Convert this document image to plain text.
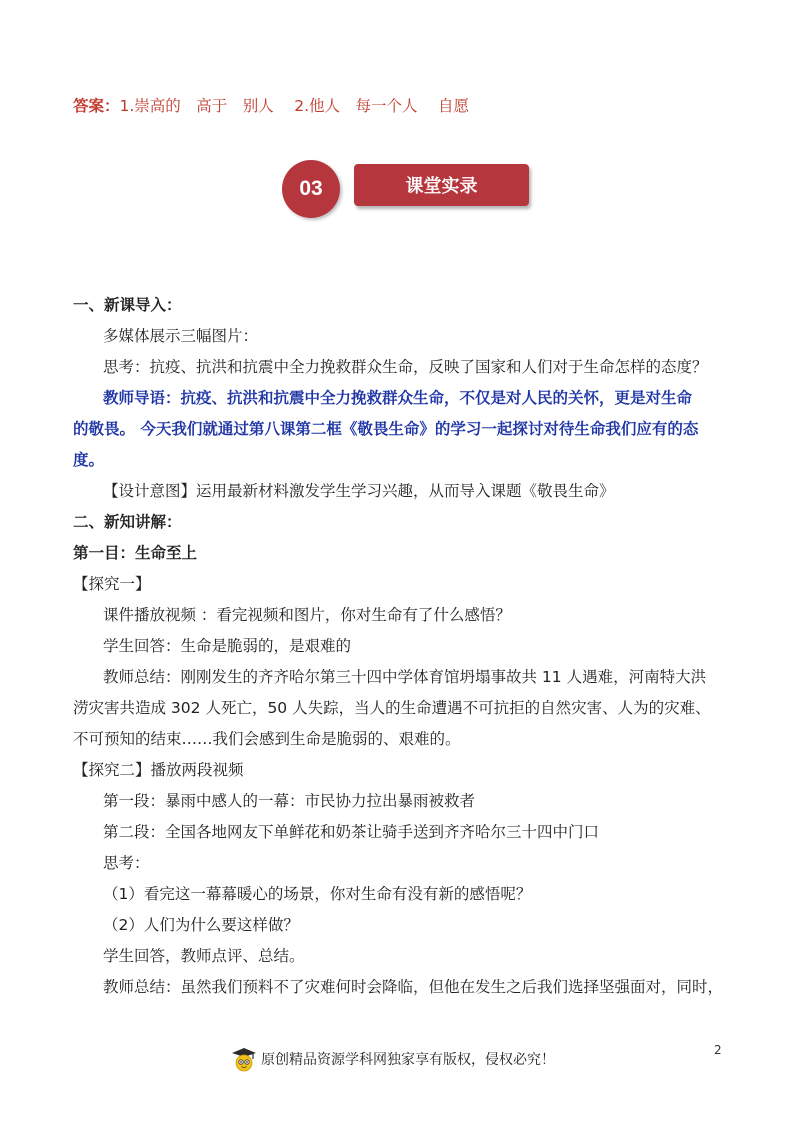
答案：1.崇高的　高于　别人　 2.他人　每一个人　 自愿
03	课堂实录
一、新课导入：
多媒体展示三幅图片：
思考：抗疫、抗洪和抗震中全力挽救群众生命，反映了国家和人们对于生命怎样的态度？
教师导语：抗疫、抗洪和抗震中全力挽救群众生命，不仅是对人民的关怀，更是对生命
的敬畏。 今天我们就通过第八课第二框《敬畏生命》的学习一起探讨对待生命我们应有的态
度。
【设计意图】运用最新材料激发学生学习兴趣，从而导入课题《敬畏生命》
二、新知讲解：
第一目：生命至上
【探究一】
课件播放视频 ：看完视频和图片，你对生命有了什么感悟？
学生回答：生命是脆弱的，是艰难的
教师总结：刚刚发生的齐齐哈尔第三十四中学体育馆坍塌事故共 11 人遇难，河南特大洪
涝灾害共造成 302 人死亡，50 人失踪，当人的生命遭遇不可抗拒的自然灾害、人为的灾难、
不可预知的结束……我们会感到生命是脆弱的、艰难的。
【探究二】播放两段视频
第一段：暴雨中感人的一幕：市民协力拉出暴雨被救者
第二段：全国各地网友下单鲜花和奶茶让骑手送到齐齐哈尔三十四中门口
思考：
（1）看完这一幕幕暖心的场景，你对生命有没有新的感悟呢？
（2）人们为什么要这样做？
学生回答，教师点评、总结。
教师总结：虽然我们预料不了灾难何时会降临，但他在发生之后我们选择坚强面对，同时，
2
原创精品资源学科网独家享有版权，侵权必究！
